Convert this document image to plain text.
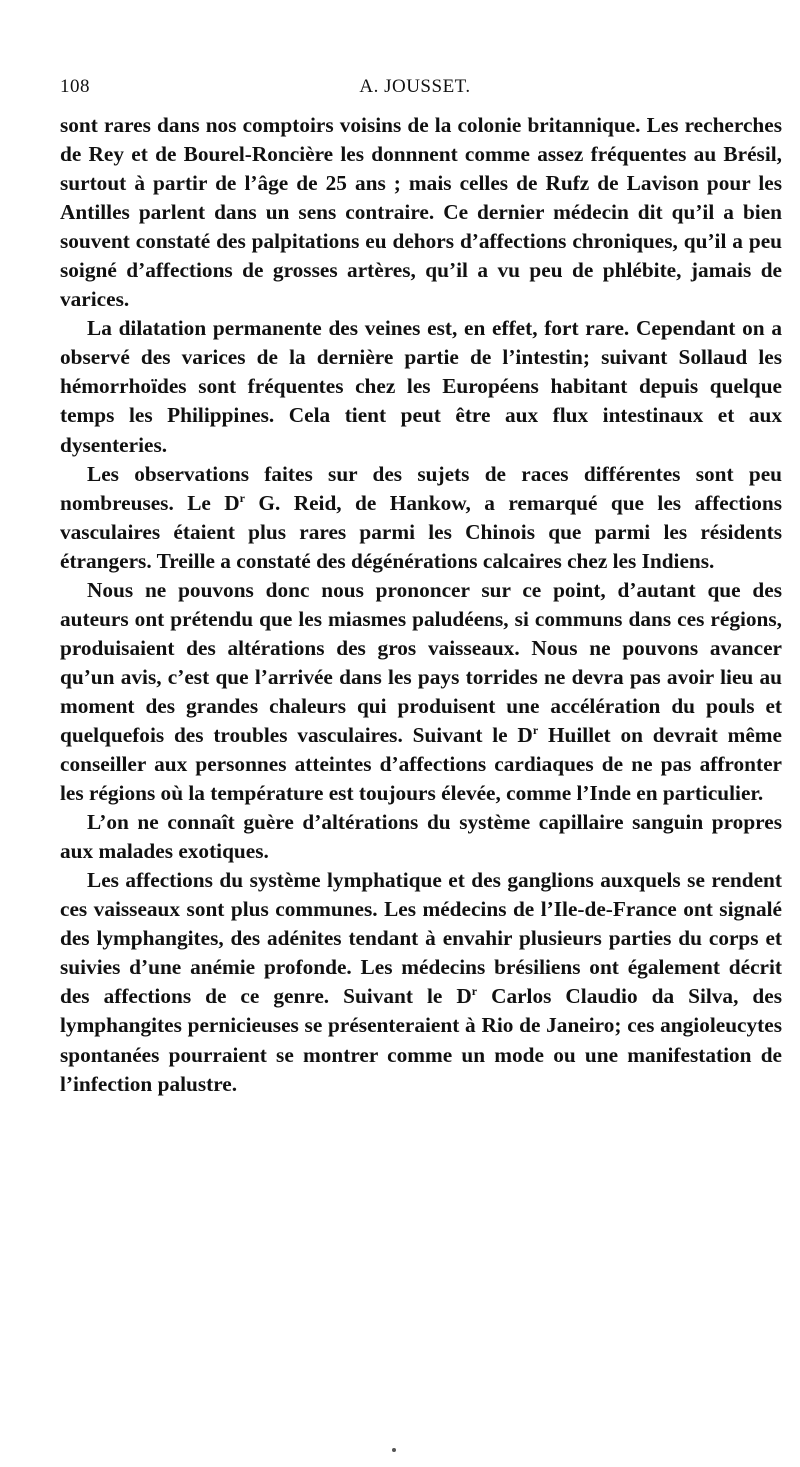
108	A. JOUSSET.

sont rares dans nos comptoirs voisins de la colonie britannique. Les recherches de Rey et de Bourel-Roncière les donnnent comme assez fréquentes au Brésil, surtout à partir de l’âge de 25 ans ; mais celles de Rufz de Lavison pour les Antilles parlent dans un sens contraire. Ce dernier médecin dit qu’il a bien souvent constaté des palpitations eu dehors d’affections chroniques, qu’il a peu soigné d’affections de grosses artères, qu’il a vu peu de phlébite, jamais de varices.

La dilatation permanente des veines est, en effet, fort rare. Cependant on a observé des varices de la dernière partie de l’intestin; suivant Sollaud les hémorrhoïdes sont fréquentes chez les Européens habitant depuis quelque temps les Philippines. Cela tient peut être aux flux intestinaux et aux dysenteries.

Les observations faites sur des sujets de races différentes sont peu nombreuses. Le $D^r$ G. Reid, de Hankow, a remarqué que les affections vasculaires étaient plus rares parmi les Chinois que parmi les résidents étrangers. Treille a constaté des dégénérations calcaires chez les Indiens.

Nous ne pouvons donc nous prononcer sur ce point, d’autant que des auteurs ont prétendu que les miasmes paludéens, si communs dans ces régions, produisaient des altérations des gros vaisseaux. Nous ne pouvons avancer qu’un avis, c’est que l’arrivée dans les pays torrides ne devra pas avoir lieu au moment des grandes chaleurs qui produisent une accélération du pouls et quelquefois des troubles vasculaires. Suivant le $D^r$ Huillet on devrait même conseiller aux personnes atteintes d’affections cardiaques de ne pas affronter les régions où la température est toujours élevée, comme l’Inde en particulier.

L’on ne connaît guère d’altérations du système capillaire sanguin propres aux malades exotiques.

Les affections du système lymphatique et des ganglions auxquels se rendent ces vaisseaux sont plus communes. Les médecins de l’Ile-de-France ont signalé des lymphangites, des adénites tendant à envahir plusieurs parties du corps et suivies d’une anémie profonde. Les médecins brésiliens ont également décrit des affections de ce genre. Suivant le $D^r$ Carlos Claudio da Silva, des lymphangites pernicieuses se présenteraient à Rio de Janeiro; ces angioleucytes spontanées pourraient se montrer comme un mode ou une manifestation de l’infection palustre.
